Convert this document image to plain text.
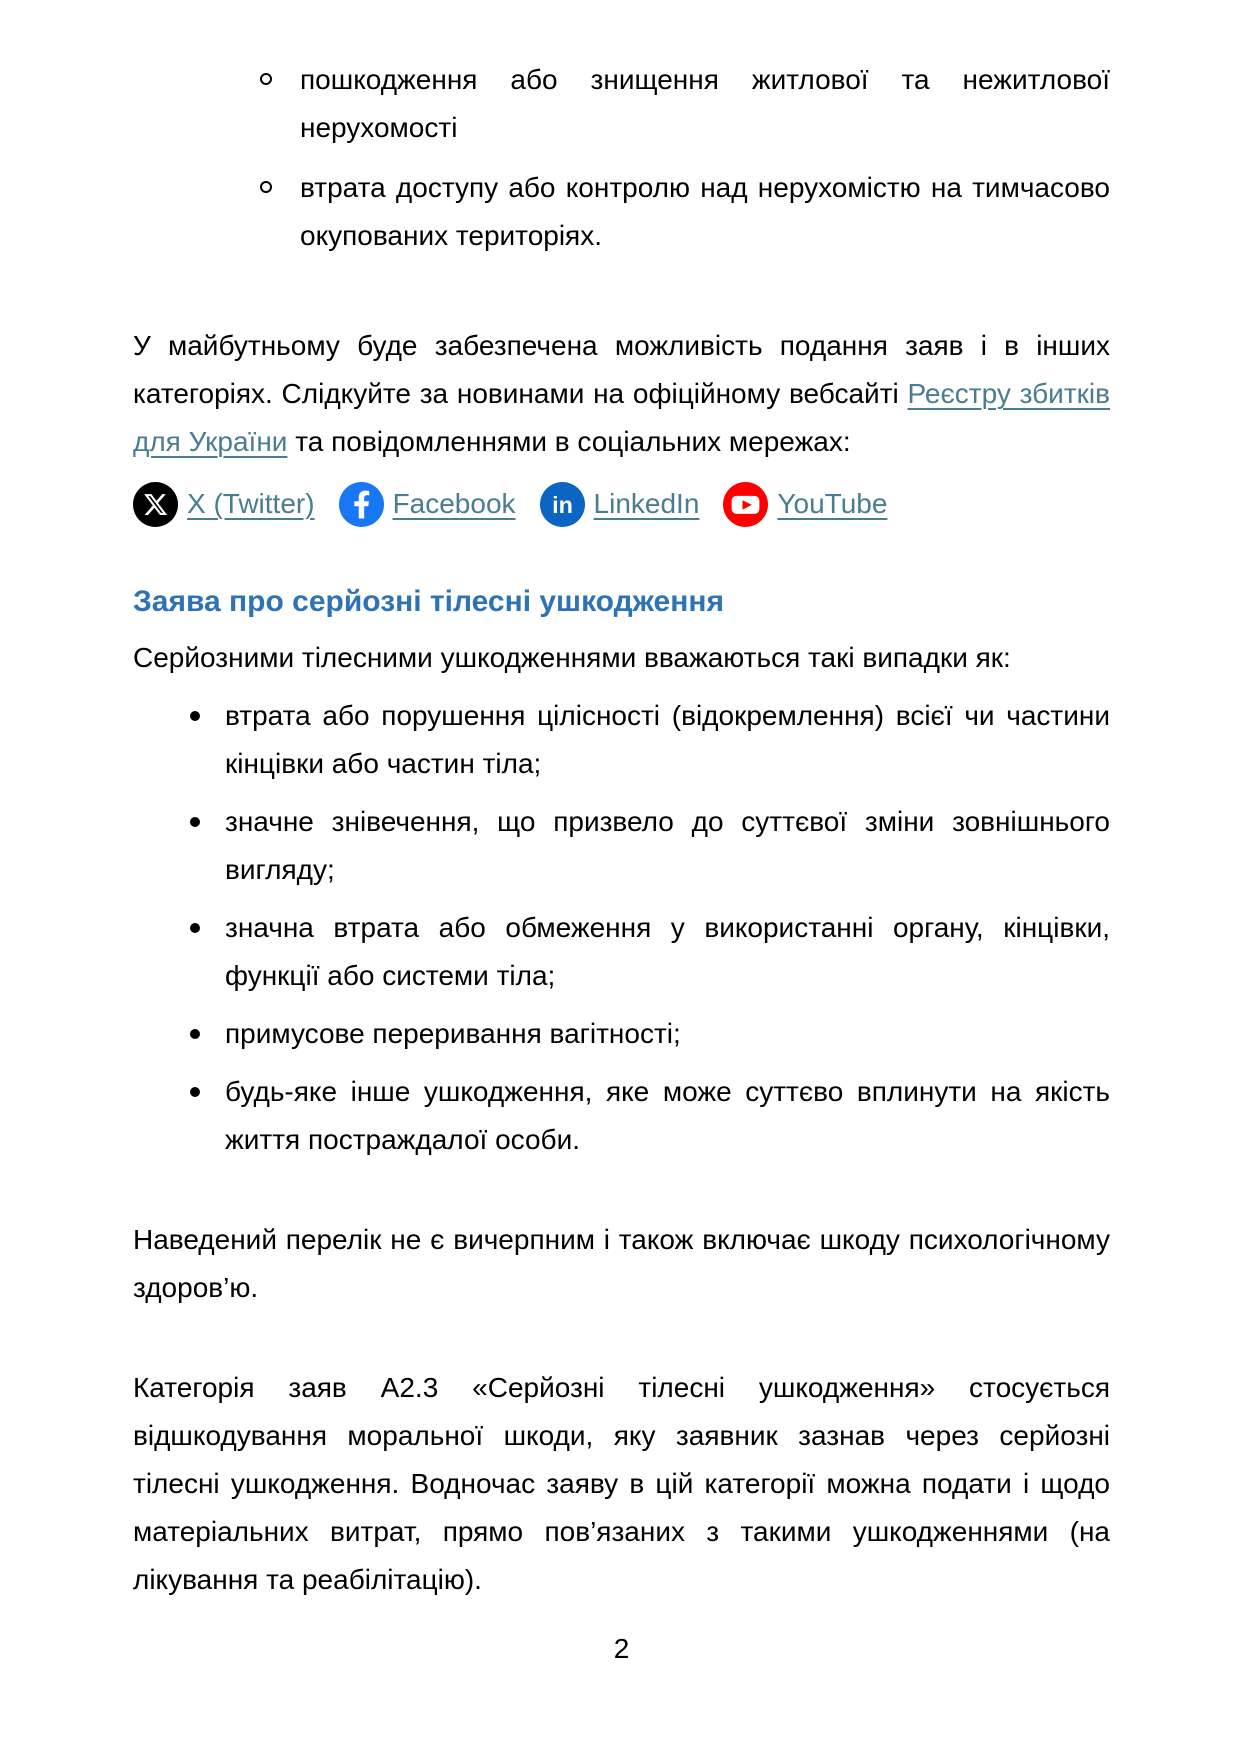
пошкодження або знищення житлової та нежитлової нерухомості
втрата доступу або контролю над нерухомістю на тимчасово окупованих територіях.

У майбутньому буде забезпечена можливість подання заяв і в інших категоріях. Слідкуйте за новинами на офіційному вебсайті Реєстру збитків для України та повідомленнями в соціальних мережах:

X (Twitter)	Facebook	in LinkedIn	YouTube
Заява про серйозні тілесні ушкодження

Серйозними тілесними ушкодженнями вважаються такі випадки як:

втрата або порушення цілісності (відокремлення) всієї чи частини кінцівки або частин тіла;
значне знівечення, що призвело до суттєвої зміни зовнішнього вигляду;
значна втрата або обмеження у використанні органу, кінцівки, функції або системи тіла;
примусове переривання вагітності;
будь-яке інше ушкодження, яке може суттєво вплинути на якість життя постраждалої особи.

Наведений перелік не є вичерпним і також включає шкоду психологічному здоров’ю.

Категорія заяв А2.3 «Серйозні тілесні ушкодження» стосується відшкодування моральної шкоди, яку заявник зазнав через серйозні тілесні ушкодження. Водночас заяву в цій категорії можна подати і щодо матеріальних витрат, прямо пов’язаних з такими ушкодженнями (на лікування та реабілітацію).

2
